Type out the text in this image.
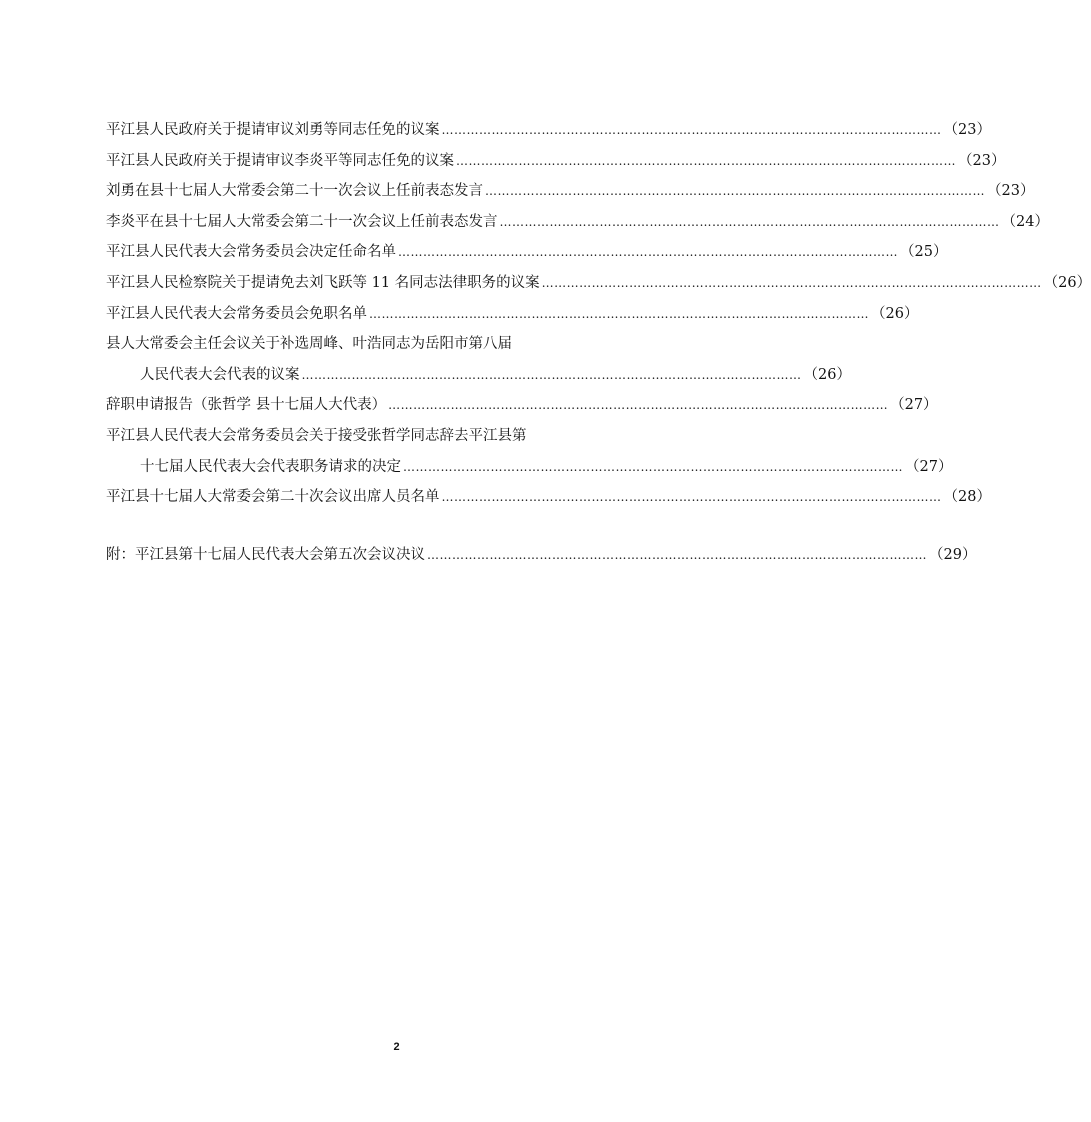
平江县人民政府关于提请审议刘勇等同志任免的议案 ………………………………………………………………………………………………………… （23）
平江县人民政府关于提请审议李炎平等同志任免的议案 ………………………………………………………………………………………………………… （23）
刘勇在县十七届人大常委会第二十一次会议上任前表态发言 ………………………………………………………………………………………………………… （23）
李炎平在县十七届人大常委会第二十一次会议上任前表态发言 ………………………………………………………………………………………………………… （24）
平江县人民代表大会常务委员会决定任命名单 ………………………………………………………………………………………………………… （25）
平江县人民检察院关于提请免去刘飞跃等 11 名同志法律职务的议案 ………………………………………………………………………………………………………… （26）
平江县人民代表大会常务委员会免职名单 ………………………………………………………………………………………………………… （26）
县人大常委会主任会议关于补选周峰、叶浩同志为岳阳市第八届
人民代表大会代表的议案 ………………………………………………………………………………………………………… （26）
辞职申请报告（张哲学 县十七届人大代表） ………………………………………………………………………………………………………… （27）
平江县人民代表大会常务委员会关于接受张哲学同志辞去平江县第
十七届人民代表大会代表职务请求的决定 ………………………………………………………………………………………………………… （27）
平江县十七届人大常委会第二十次会议出席人员名单 ………………………………………………………………………………………………………… （28）
附：平江县第十七届人民代表大会第五次会议决议 ………………………………………………………………………………………………………… （29）
2
